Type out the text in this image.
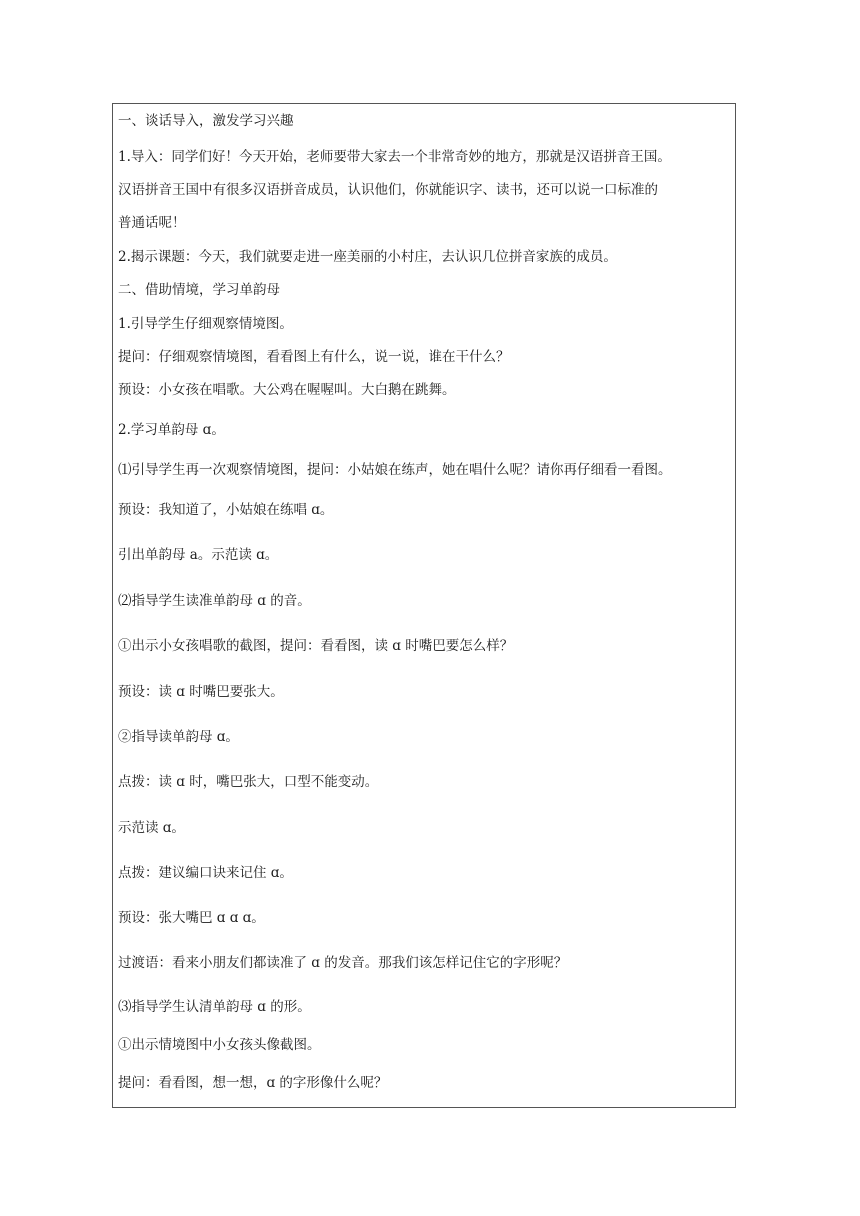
一、谈话导入，激发学习兴趣
1.导入：同学们好！今天开始，老师要带大家去一个非常奇妙的地方，那就是汉语拼音王国。
汉语拼音王国中有很多汉语拼音成员，认识他们，你就能识字、读书，还可以说一口标准的
普通话呢！
2.揭示课题：今天，我们就要走进一座美丽的小村庄，去认识几位拼音家族的成员。
二、借助情境，学习单韵母
1.引导学生仔细观察情境图。
提问：仔细观察情境图，看看图上有什么，说一说，谁在干什么？
预设：小女孩在唱歌。大公鸡在喔喔叫。大白鹅在跳舞。
2.学习单韵母 ɑ。
⑴引导学生再一次观察情境图，提问：小姑娘在练声，她在唱什么呢？请你再仔细看一看图。
预设：我知道了，小姑娘在练唱 ɑ。
引出单韵母 a。示范读 ɑ。
⑵指导学生读准单韵母 ɑ 的音。
①出示小女孩唱歌的截图，提问：看看图，读 ɑ 时嘴巴要怎么样？
预设：读 ɑ 时嘴巴要张大。
②指导读单韵母 ɑ。
点拨：读 ɑ 时，嘴巴张大，口型不能变动。
示范读 ɑ。
点拨：建议编口诀来记住 ɑ。
预设：张大嘴巴 ɑ ɑ ɑ。
过渡语：看来小朋友们都读准了 ɑ 的发音。那我们该怎样记住它的字形呢？
⑶指导学生认清单韵母 ɑ 的形。
①出示情境图中小女孩头像截图。
提问：看看图，想一想，ɑ 的字形像什么呢？
